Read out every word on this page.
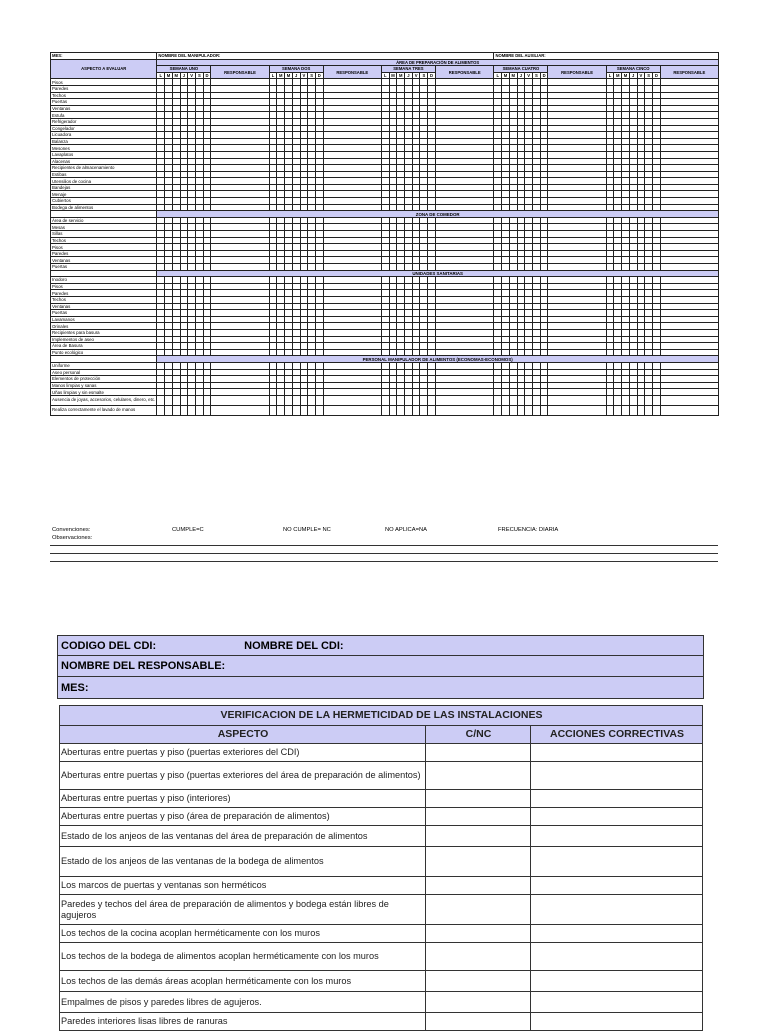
MES:	NOMBRE DEL MANIPULADOR:																								NOMBRE DEL AUXILIAR:															
ASPECTO A EVALUAR	ÁREA DE PREPARACIÓN DE ALIMENTOS																																							
	SEMANA UNO							RESPONSABLE	SEMANA DOS							RESPONSABLE	SEMANA TRES							RESPONSABLE	SEMANA CUATRO							RESPONSABLE	SEMANA CINCO							RESPONSABLE
	L	M	M	J	V	S	D		L	M	M	J	V	S	D		L	M	M	J	V	S	D		L	M	M	J	V	S	D		L	M	M	J	V	S	D	
Pisos																																								
Paredes																																								
Techos																																								
Puertas																																								
Ventanas																																								
Estufa																																								
Refrigerador																																								
Congelador																																								
Licuadora																																								
Balanza																																								
Mesones																																								
Lavaplatos																																								
Alacenas																																								
Recipientes de almacenamiento																																								
Estibas																																								
Utensilios de cocina																																								
Bandejas																																								
Menaje																																								
Cubiertos																																								
Bodega de alimentos																																								
	ZONA DE COMEDOR																																							
Área de servicio																																								
Mesas																																								
Sillas																																								
Techos																																								
Pisos																																								
Paredes																																								
Ventanas																																								
Puertas																																								
	UNIDADES SANITARIAS																																							
Inodoro																																								
Pisos																																								
Paredes																																								
Techos																																								
Ventanas																																								
Puertas																																								
Lavamanos																																								
Orinales																																								
Recipientes para basura																																								
Implementos de aseo																																								
Área de Basura																																								
Punto ecológico																																								
	PERSONAL MANIPULADOR DE ALIMENTOS (ECONOMAS-ECONOMOS)																																							
Uniforme																																								
Aseo personal																																								
Elementos de protección																																								
Manos limpias y sanas																																								
Uñas limpias y sin esmalte																																								
Ausencia de joyas, accesorios, celulares, dinero, etc.																																								
Realiza correctamente el lavado de manos																																								
Convenciones:	CUMPLE=C	NO CUMPLE= NC	NO APLICA=NA	FRECUENCIA: DIARIA
Observaciones:
CODIGO DEL CDI:	NOMBRE DEL CDI:
NOMBRE DEL RESPONSABLE:
MES:
VERIFICACION DE LA HERMETICIDAD DE LAS INSTALACIONES		
ASPECTO	C/NC	ACCIONES CORRECTIVAS
Aberturas entre puertas y piso (puertas exteriores del CDI)		
Aberturas entre puertas y piso (puertas exteriores del área de preparación de alimentos)		
Aberturas entre puertas y piso (interiores)		
Aberturas entre puertas y piso (área de preparación de alimentos)		
Estado de los anjeos de las ventanas del área de preparación de alimentos		
Estado de los anjeos de las ventanas de la bodega de alimentos		
Los marcos de puertas y ventanas son herméticos		
Paredes y techos del área de preparación de alimentos y bodega están libres de agujeros		
Los techos de la cocina acoplan herméticamente con los muros		
Los techos de la bodega de alimentos acoplan herméticamente con los muros		
Los techos de las demás áreas acoplan herméticamente con los muros		
Empalmes de pisos y paredes libres de agujeros.		
Paredes interiores lisas libres de ranuras		
